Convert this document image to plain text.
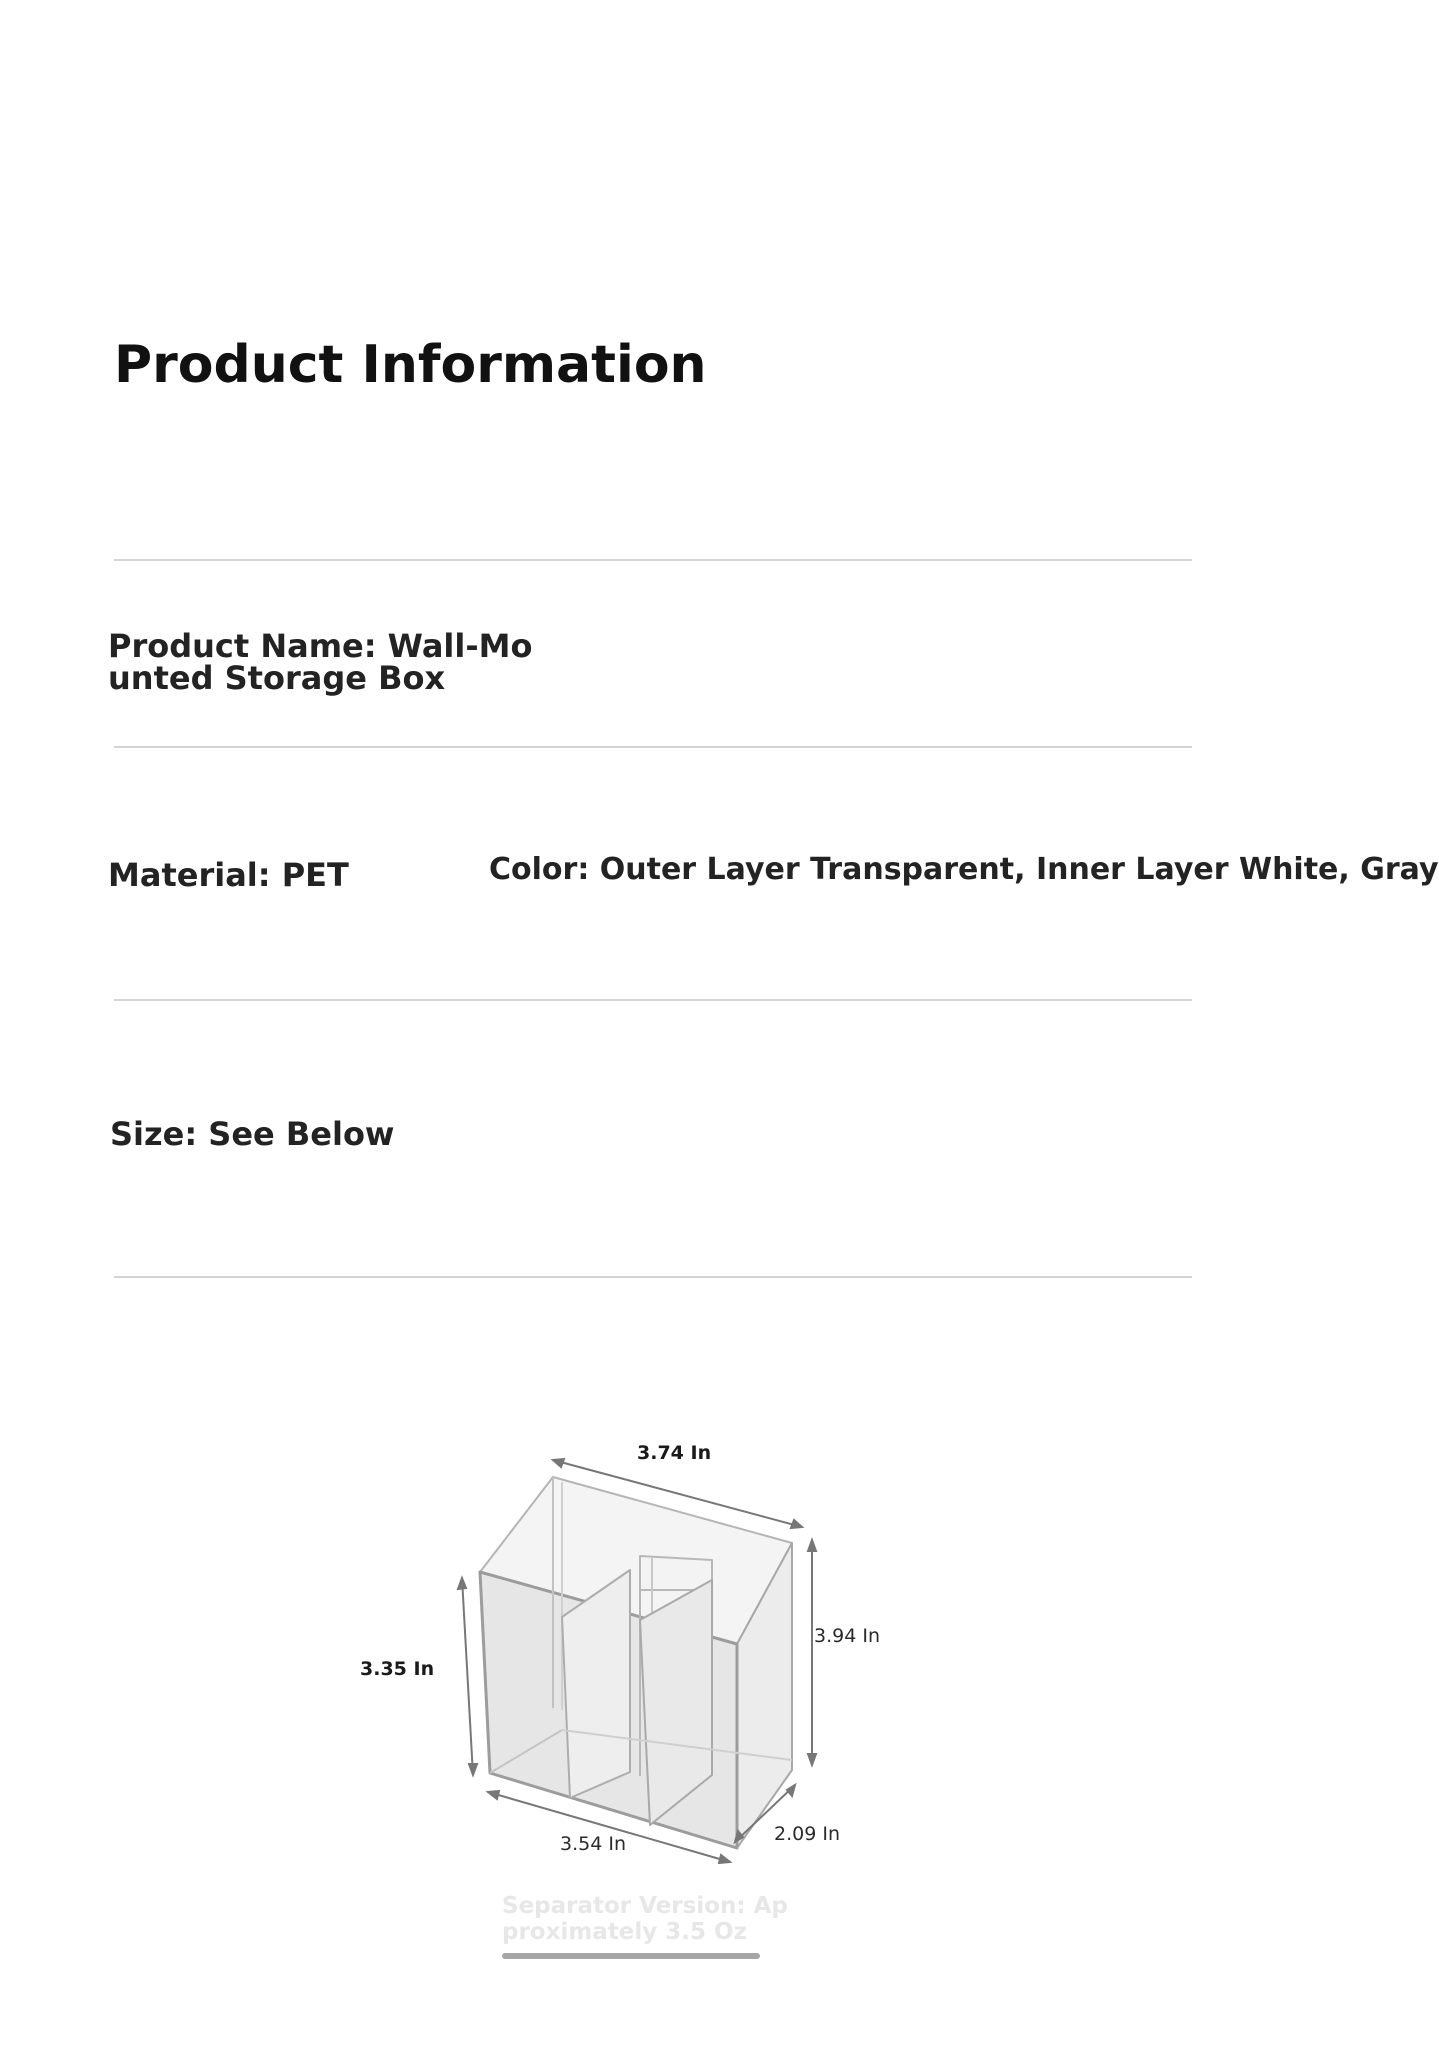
Product Information
Product Name: Wall-Mo
unted Storage Box
Material: PET	Color: Outer Layer Transparent, Inner Layer White, Gray
Size: See Below
3.74 In
3.35 In
3.94 In
3.54 In	2.09 In
Separator Version: Ap
proximately 3.5 Oz
